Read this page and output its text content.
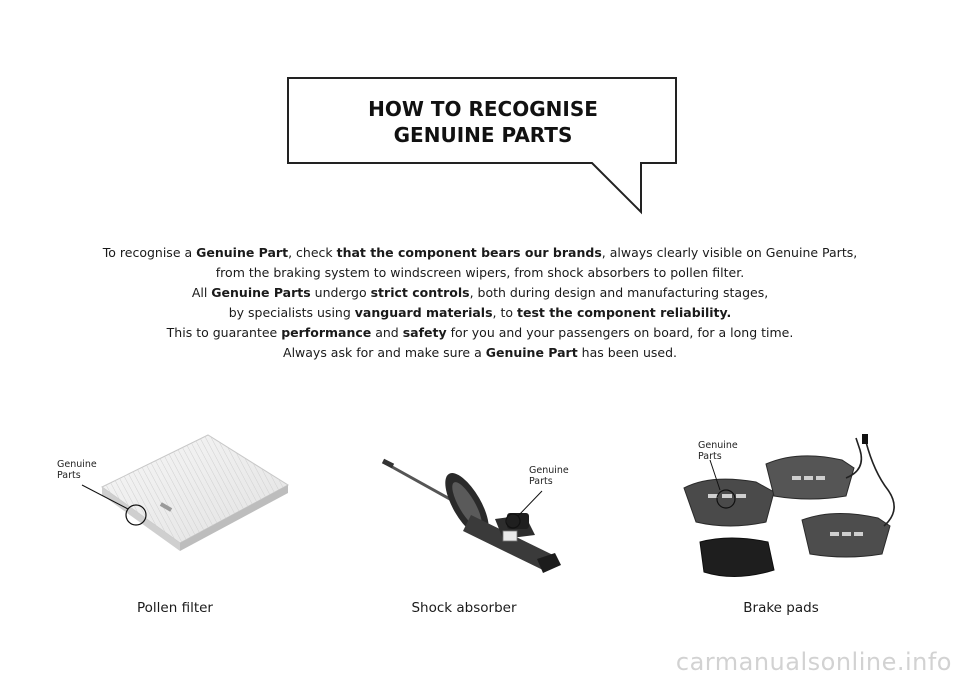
HOW TO RECOGNISE
GENUINE PARTS

To recognise a Genuine Part, check that the component bears our brands, always clearly visible on Genuine Parts,

from the braking system to windscreen wipers, from shock absorbers to pollen filter.

All Genuine Parts undergo strict controls, both during design and manufacturing stages,

by specialists using vanguard materials, to test the component reliability.

This to guarantee performance and safety for you and your passengers on board, for a long time.

Always ask for and make sure a Genuine Part has been used.

Genuine
Parts	Genuine
Parts
Genuine
Parts
Pollen filter	Shock absorber	Brake pads
carmanualsonline.info
